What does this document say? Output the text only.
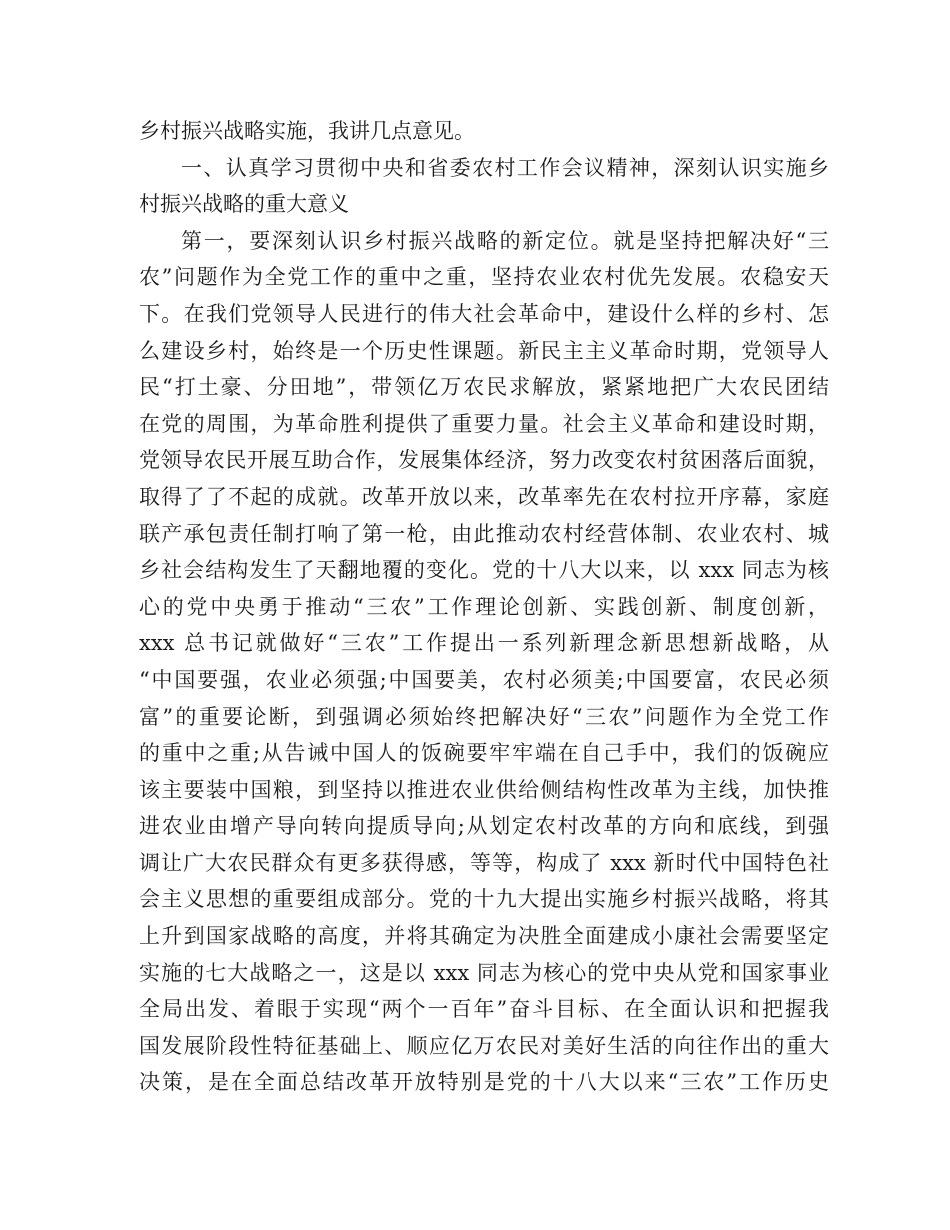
乡村振兴战略实施，我讲几点意见。
一、认真学习贯彻中央和省委农村工作会议精神，深刻认识实施乡
村振兴战略的重大意义
第一，要深刻认识乡村振兴战略的新定位。就是坚持把解决好“三
农”问题作为全党工作的重中之重，坚持农业农村优先发展。农稳安天
下。在我们党领导人民进行的伟大社会革命中，建设什么样的乡村、怎
么建设乡村，始终是一个历史性课题。新民主主义革命时期，党领导人
民“打土豪、分田地”，带领亿万农民求解放，紧紧地把广大农民团结
在党的周围，为革命胜利提供了重要力量。社会主义革命和建设时期，
党领导农民开展互助合作，发展集体经济，努力改变农村贫困落后面貌，
取得了了不起的成就。改革开放以来，改革率先在农村拉开序幕，家庭
联产承包责任制打响了第一枪，由此推动农村经营体制、农业农村、城
乡社会结构发生了天翻地覆的变化。党的十八大以来，以 xxx 同志为核
心的党中央勇于推动“三农”工作理论创新、实践创新、制度创新，
xxx 总书记就做好“三农”工作提出一系列新理念新思想新战略，从
“中国要强，农业必须强;中国要美，农村必须美;中国要富，农民必须
富”的重要论断，到强调必须始终把解决好“三农”问题作为全党工作
的重中之重;从告诫中国人的饭碗要牢牢端在自己手中，我们的饭碗应
该主要装中国粮，到坚持以推进农业供给侧结构性改革为主线，加快推
进农业由增产导向转向提质导向;从划定农村改革的方向和底线，到强
调让广大农民群众有更多获得感，等等，构成了 xxx 新时代中国特色社
会主义思想的重要组成部分。党的十九大提出实施乡村振兴战略，将其
上升到国家战略的高度，并将其确定为决胜全面建成小康社会需要坚定
实施的七大战略之一，这是以 xxx 同志为核心的党中央从党和国家事业
全局出发、着眼于实现“两个一百年”奋斗目标、在全面认识和把握我
国发展阶段性特征基础上、顺应亿万农民对美好生活的向往作出的重大
决策，是在全面总结改革开放特别是党的十八大以来“三农”工作历史
